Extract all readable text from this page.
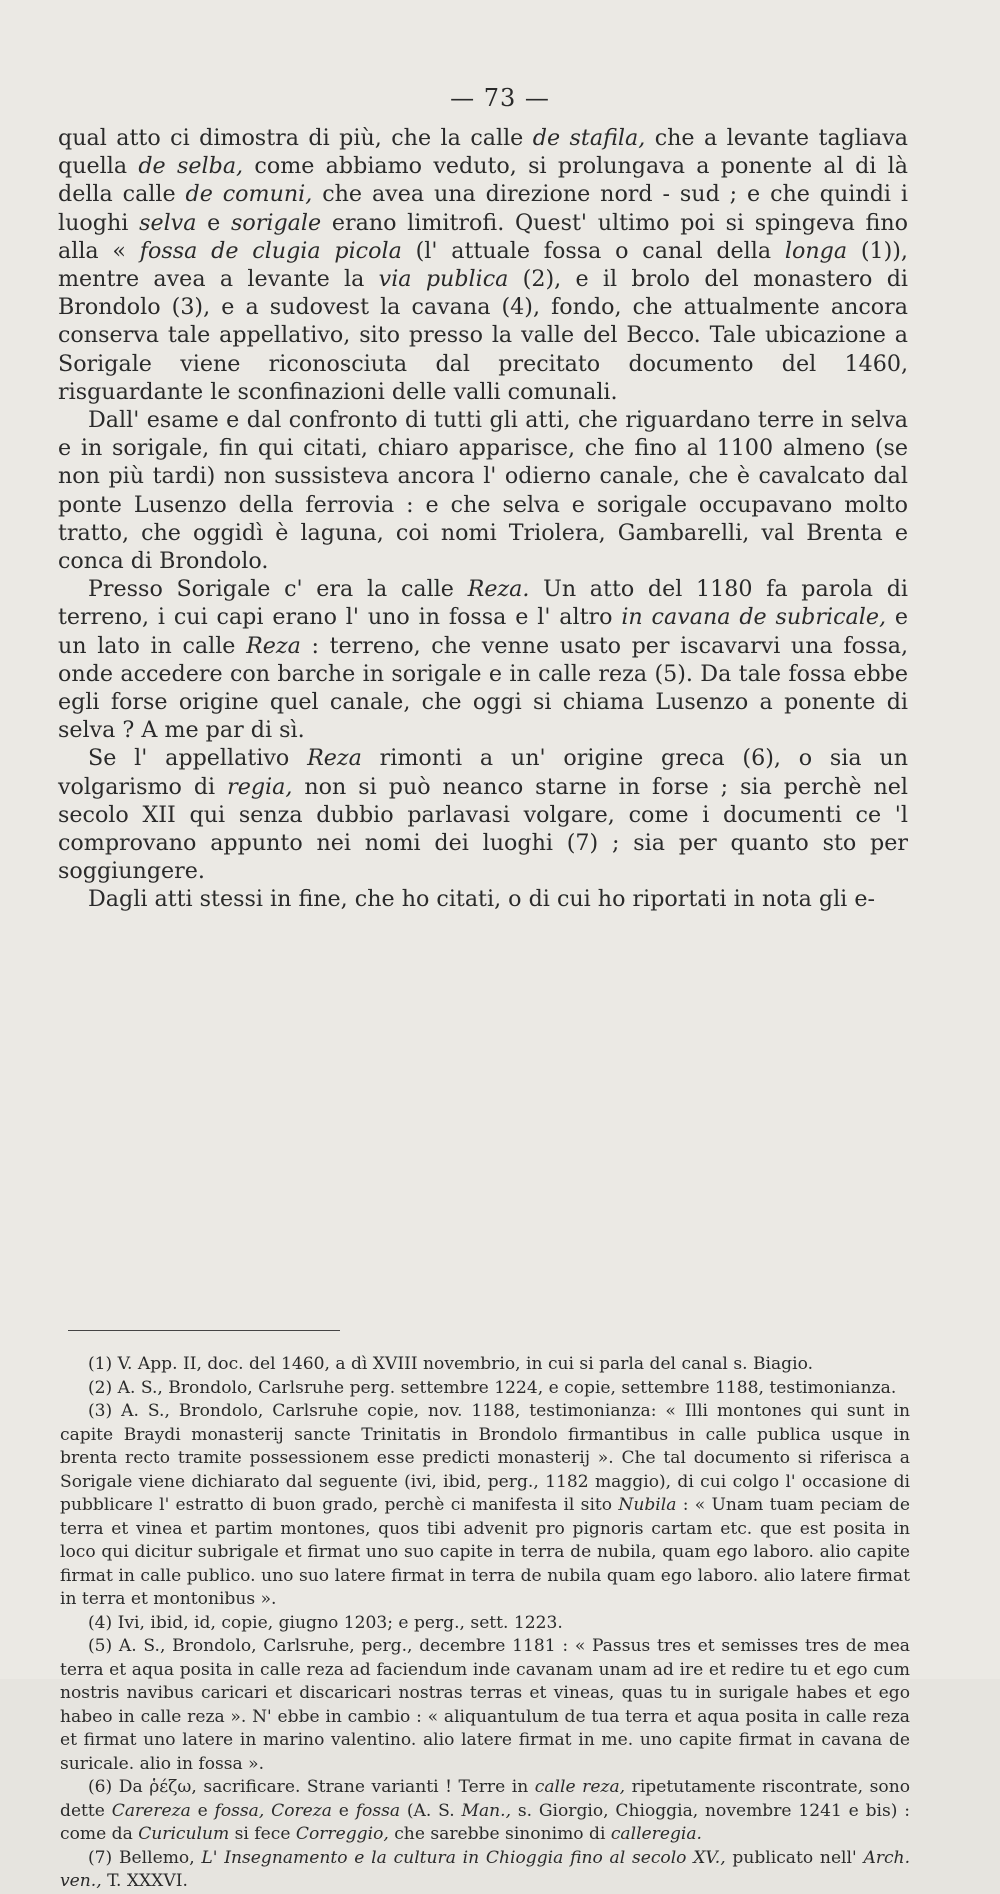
— 73 —

qual atto ci dimostra di più, che la calle de stafila, che a levante tagliava quella de selba, come abbiamo veduto, si prolungava a ponente al di là della calle de comuni, che avea una direzione nord - sud ; e che quindi i luoghi selva e sorigale erano limitrofi. Quest' ultimo poi si spingeva fino alla « fossa de clugia picola (l' attuale fossa o canal della longa (1)), mentre avea a levante la via publica (2), e il brolo del monastero di Brondolo (3), e a sudovest la cavana (4), fondo, che attualmente ancora conserva tale appellativo, sito presso la valle del Becco. Tale ubicazione a Sorigale viene riconosciuta dal precitato documento del 1460, risguardante le sconfinazioni delle valli comunali.

Dall' esame e dal confronto di tutti gli atti, che riguardano terre in selva e in sorigale, fin qui citati, chiaro apparisce, che fino al 1100 almeno (se non più tardi) non sussisteva ancora l' odierno canale, che è cavalcato dal ponte Lusenzo della ferrovia : e che selva e sorigale occupavano molto tratto, che oggidì è laguna, coi nomi Triolera, Gambarelli, val Brenta e conca di Brondolo.

Presso Sorigale c' era la calle Reza. Un atto del 1180 fa parola di terreno, i cui capi erano l' uno in fossa e l' altro in cavana de subricale, e un lato in calle Reza : terreno, che venne usato per iscavarvi una fossa, onde accedere con barche in sorigale e in calle reza (5). Da tale fossa ebbe egli forse origine quel canale, che oggi si chiama Lusenzo a ponente di selva ? A me par di sì.

Se l' appellativo Reza rimonti a un' origine greca (6), o sia un volgarismo di regia, non si può neanco starne in forse ; sia perchè nel secolo XII qui senza dubbio parlavasi volgare, come i documenti ce 'l comprovano appunto nei nomi dei luoghi (7) ; sia per quanto sto per soggiungere.

Dagli atti stessi in fine, che ho citati, o di cui ho riportati in nota gli e-

(1) V. App. II, doc. del 1460, a dì XVIII novembrio, in cui si parla del canal s. Biagio.

(2) A. S., Brondolo, Carlsruhe perg. settembre 1224, e copie, settembre 1188, testimonianza.

(3) A. S., Brondolo, Carlsruhe copie, nov. 1188, testimonianza: « Illi montones qui sunt in capite Braydi monasterij sancte Trinitatis in Brondolo firmantibus in calle publica usque in brenta recto tramite possessionem esse predicti monasterij ». Che tal documento si riferisca a Sorigale viene dichiarato dal seguente (ivi, ibid, perg., 1182 maggio), di cui colgo l' occasione di pubblicare l' estratto di buon grado, perchè ci manifesta il sito Nubila : « Unam tuam peciam de terra et vinea et partim montones, quos tibi advenit pro pignoris cartam etc. que est posita in loco qui dicitur subrigale et firmat uno suo capite in terra de nubila, quam ego laboro. alio capite firmat in calle publico. uno suo latere firmat in terra de nubila quam ego laboro. alio latere firmat in terra et montonibus ».

(4) Ivi, ibid, id, copie, giugno 1203; e perg., sett. 1223.

(5) A. S., Brondolo, Carlsruhe, perg., decembre 1181 : « Passus tres et semisses tres de mea terra et aqua posita in calle reza ad faciendum inde cavanam unam ad ire et redire tu et ego cum nostris navibus caricari et discaricari nostras terras et vineas, quas tu in surigale habes et ego habeo in calle reza ». N' ebbe in cambio : « aliquantulum de tua terra et aqua posita in calle reza et firmat uno latere in marino valentino. alio latere firmat in me. uno capite firmat in cavana de suricale. alio in fossa ».

(6) Da ῥέζω, sacrificare. Strane varianti ! Terre in calle reza, ripetutamente riscontrate, sono dette Carereza e fossa, Coreza e fossa (A. S. Man., s. Giorgio, Chioggia, novembre 1241 e bis) : come da Curiculum si fece Correggio, che sarebbe sinonimo di calleregia.

(7) Bellemo, L' Insegnamento e la cultura in Chioggia fino al secolo XV., publicato nell' Arch. ven., T. XXXVI.
